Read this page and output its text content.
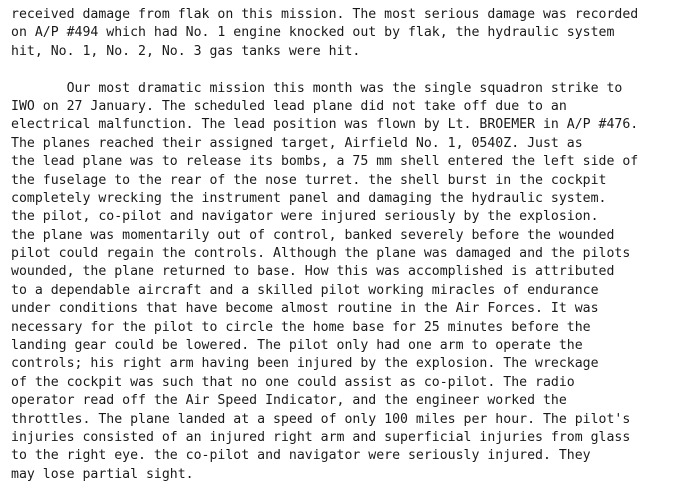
received damage from flak on this mission. The most serious damage was recorded
on A/P #494 which had No. 1 engine knocked out by flak, the hydraulic system
hit, No. 1, No. 2, No. 3 gas tanks were hit.
Our most dramatic mission this month was the single squadron strike to
IWO on 27 January. The scheduled lead plane did not take off due to an
electrical malfunction. The lead position was flown by Lt. BROEMER in A/P #476.
The planes reached their assigned target, Airfield No. 1, 0540Z. Just as
the lead plane was to release its bombs, a 75 mm shell entered the left side of
the fuselage to the rear of the nose turret. the shell burst in the cockpit
completely wrecking the instrument panel and damaging the hydraulic system.
the pilot, co-pilot and navigator were injured seriously by the explosion.
the plane was momentarily out of control, banked severely before the wounded
pilot could regain the controls. Although the plane was damaged and the pilots
wounded, the plane returned to base. How this was accomplished is attributed
to a dependable aircraft and a skilled pilot working miracles of endurance
under conditions that have become almost routine in the Air Forces. It was
necessary for the pilot to circle the home base for 25 minutes before the
landing gear could be lowered. The pilot only had one arm to operate the
controls; his right arm having been injured by the explosion. The wreckage
of the cockpit was such that no one could assist as co-pilot. The radio
operator read off the Air Speed Indicator, and the engineer worked the
throttles. The plane landed at a speed of only 100 miles per hour. The pilot's
injuries consisted of an injured right arm and superficial injuries from glass
to the right eye. the co-pilot and navigator were seriously injured. They
may lose partial sight.
